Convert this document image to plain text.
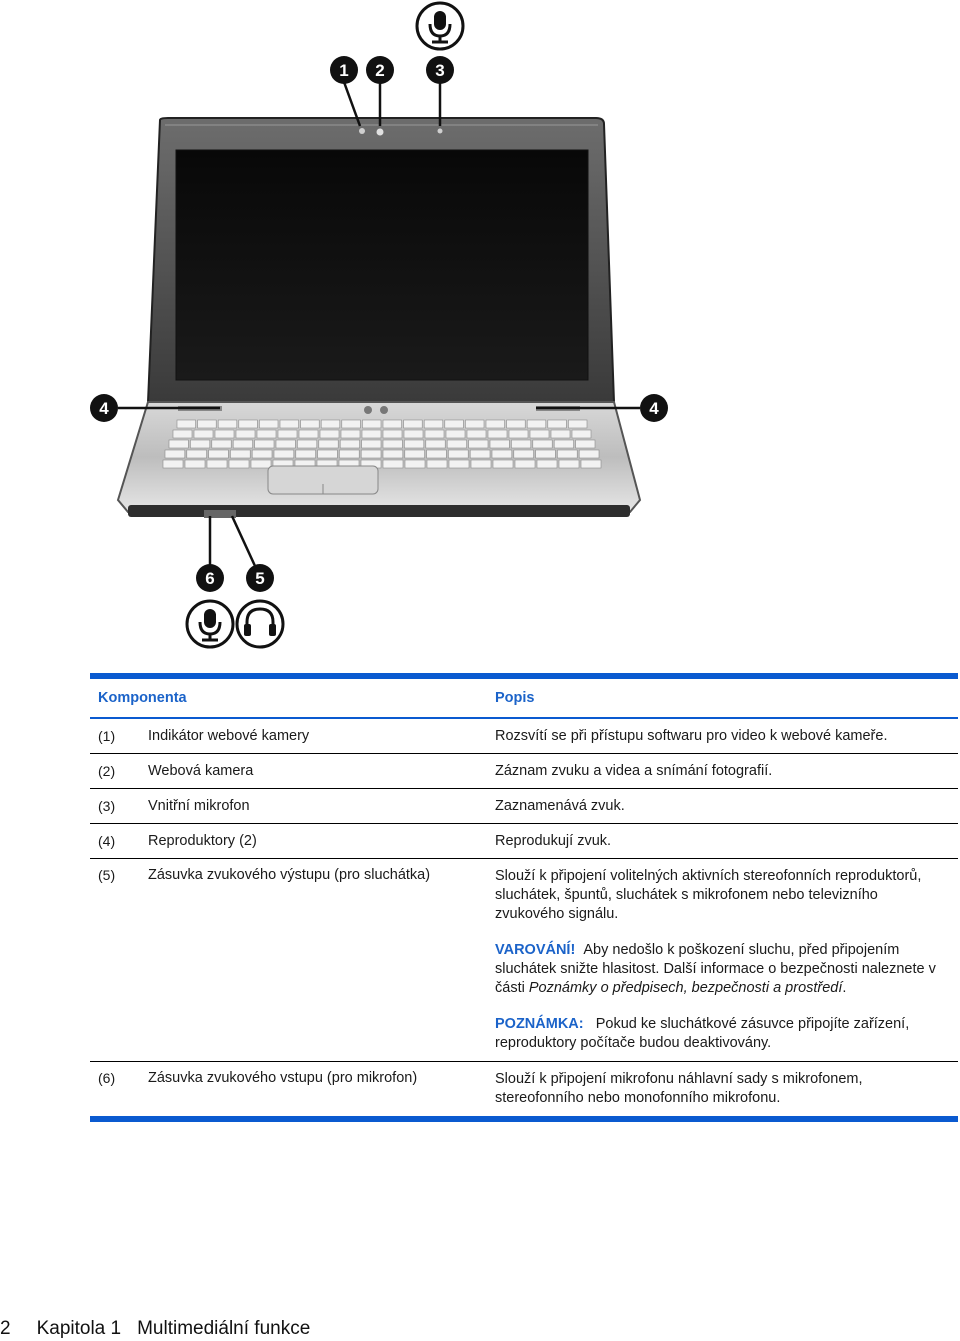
1 2	3
4	4
6 5
Komponenta	Popis
(1)	Indikátor webové kamery	Rozsvítí se při přístupu softwaru pro video k webové kameře.
(2)	Webová kamera	Záznam zvuku a videa a snímání fotografií.
(3)	Vnitřní mikrofon	Zaznamenává zvuk.
(4)	Reproduktory (2)	Reprodukují zvuk.
(5)	Zásuvka zvukového výstupu (pro sluchátka)	Slouží k připojení volitelných aktivních stereofonních reproduktorů, sluchátek, špuntů, sluchátek s mikrofonem nebo televizního zvukového signálu.

VAROVÁNÍ! Aby nedošlo k poškození sluchu, před připojením sluchátek snižte hlasitost. Další informace o bezpečnosti naleznete v části Poznámky o předpisech, bezpečnosti a prostředí.

POZNÁMKA: Pokud ke sluchátkové zásuvce připojíte zařízení, reproduktory počítače budou deaktivovány.

(6)	Zásuvka zvukového vstupu (pro mikrofon)	Slouží k připojení mikrofonu náhlavní sady s mikrofonem, stereofonního nebo monofonního mikrofonu.
2 Kapitola 1 Multimediální funkce
